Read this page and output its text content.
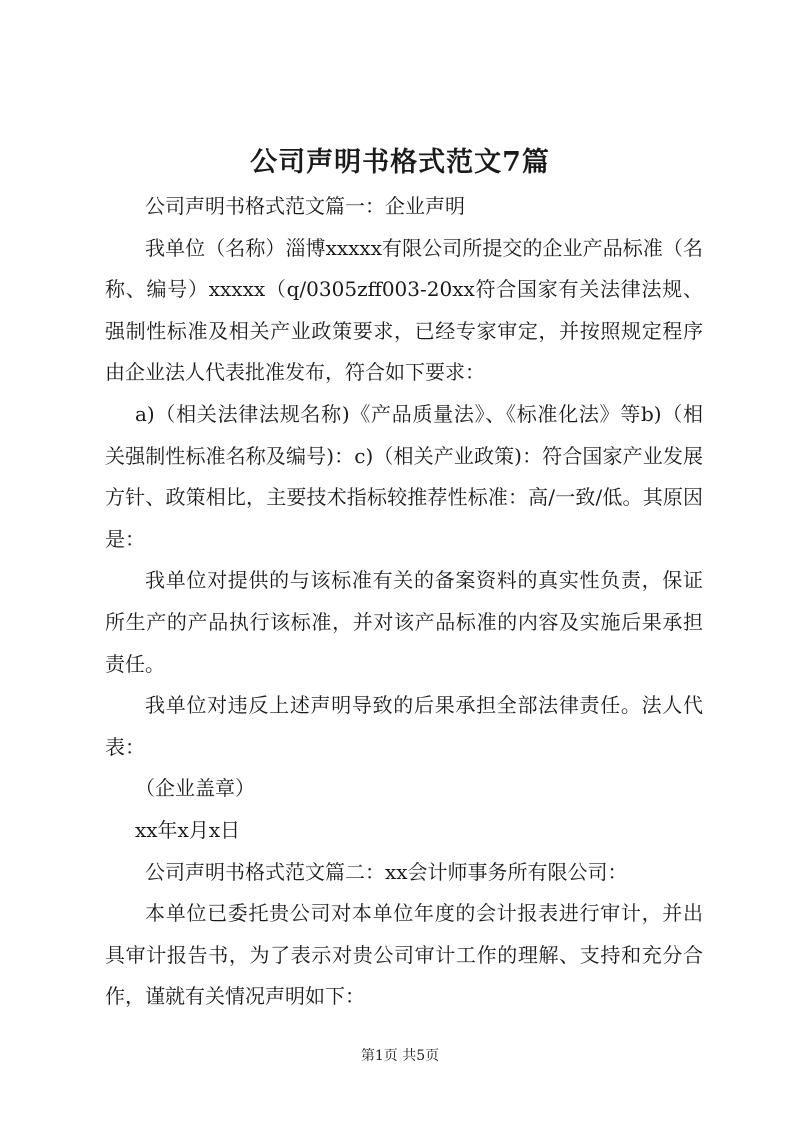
公司声明书格式范文7篇

公司声明书格式范文篇一：企业声明

我单位（名称）淄博xxxxx有限公司所提交的企业产品标准（名称、编号）xxxxx（q/0305zff003-20xx符合国家有关法律法规、强制性标准及相关产业政策要求，已经专家审定，并按照规定程序由企业法人代表批准发布，符合如下要求：

a)（相关法律法规名称)《产品质量法》、《标准化法》等b)（相关强制性标准名称及编号)：c)（相关产业政策)：符合国家产业发展方针、政策相比，主要技术指标较推荐性标准：高/一致/低。其原因是：

我单位对提供的与该标准有关的备案资料的真实性负责，保证所生产的产品执行该标准，并对该产品标准的内容及实施后果承担责任。

我单位对违反上述声明导致的后果承担全部法律责任。法人代表：

（企业盖章）

xx年x月x日

公司声明书格式范文篇二：xx会计师事务所有限公司：

本单位已委托贵公司对本单位年度的会计报表进行审计，并出具审计报告书，为了表示对贵公司审计工作的理解、支持和充分合作，谨就有关情况声明如下：

第1页 共5页
